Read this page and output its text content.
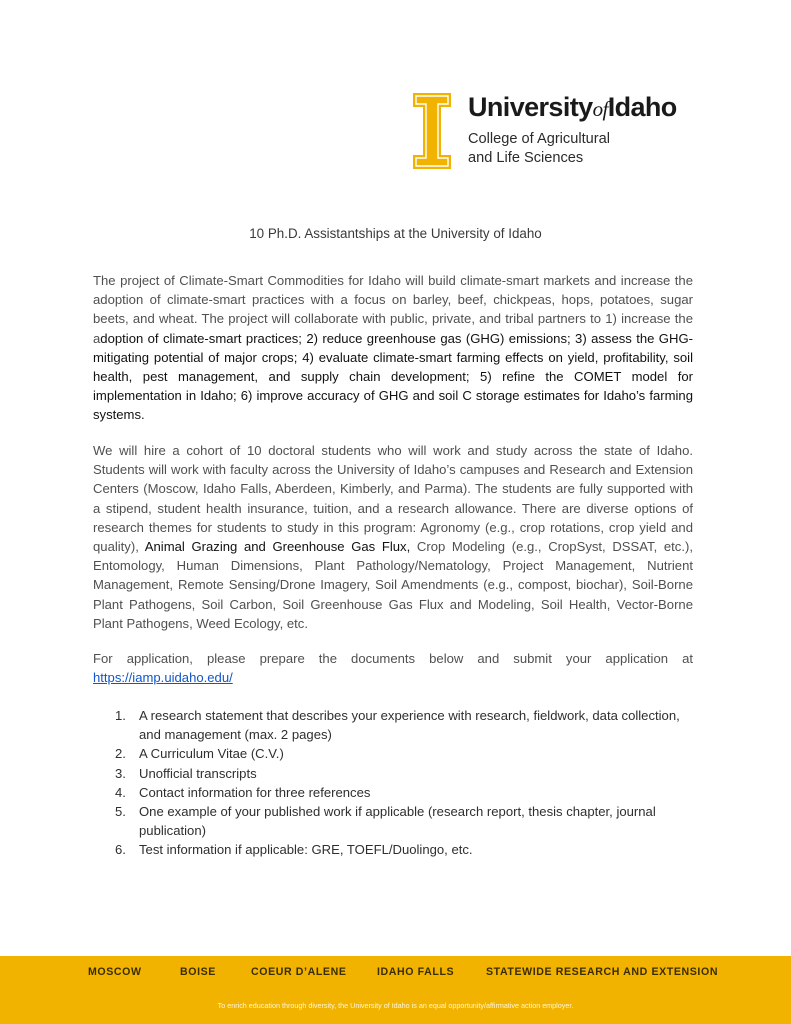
UniversityofIdaho
College of Agricultural
and Life Sciences
10 Ph.D. Assistantships at the University of Idaho
The project of Climate-Smart Commodities for Idaho will build climate-smart markets and increase the adoption of climate-smart practices with a focus on barley, beef, chickpeas, hops, potatoes, sugar beets, and wheat. The project will collaborate with public, private, and tribal partners to 1) increase the adoption of climate-smart practices; 2) reduce greenhouse gas (GHG) emissions; 3) assess the GHG-mitigating potential of major crops; 4) evaluate climate-smart farming effects on yield, profitability, soil health, pest management, and supply chain development; 5) refine the COMET model for implementation in Idaho; 6) improve accuracy of GHG and soil C storage estimates for Idaho’s farming systems.
We will hire a cohort of 10 doctoral students who will work and study across the state of Idaho. Students will work with faculty across the University of Idaho’s campuses and Research and Extension Centers (Moscow, Idaho Falls, Aberdeen, Kimberly, and Parma). The students are fully supported with a stipend, student health insurance, tuition, and a research allowance. There are diverse options of research themes for students to study in this program: Agronomy (e.g., crop rotations, crop yield and quality), Animal Grazing and Greenhouse Gas Flux, Crop Modeling (e.g., CropSyst, DSSAT, etc.), Entomology, Human Dimensions, Plant Pathology/Nematology, Project Management, Nutrient Management, Remote Sensing/Drone Imagery, Soil Amendments (e.g., compost, biochar), Soil-Borne Plant Pathogens, Soil Carbon, Soil Greenhouse Gas Flux and Modeling, Soil Health, Vector-Borne Plant Pathogens, Weed Ecology, etc.
For application, please prepare the documents below and submit your application at https://iamp.uidaho.edu/
1. A research statement that describes your experience with research, fieldwork, data collection, and management (max. 2 pages)
2. A Curriculum Vitae (C.V.)
3. Unofficial transcripts
4. Contact information for three references
5. One example of your published work if applicable (research report, thesis chapter, journal publication)
6. Test information if applicable: GRE, TOEFL/Duolingo, etc.
MOSCOW	BOISE	COEUR D’ALENE	IDAHO FALLS	STATEWIDE RESEARCH AND EXTENSION
To enrich education through diversity, the University of Idaho is an equal opportunity/affirmative action employer.
